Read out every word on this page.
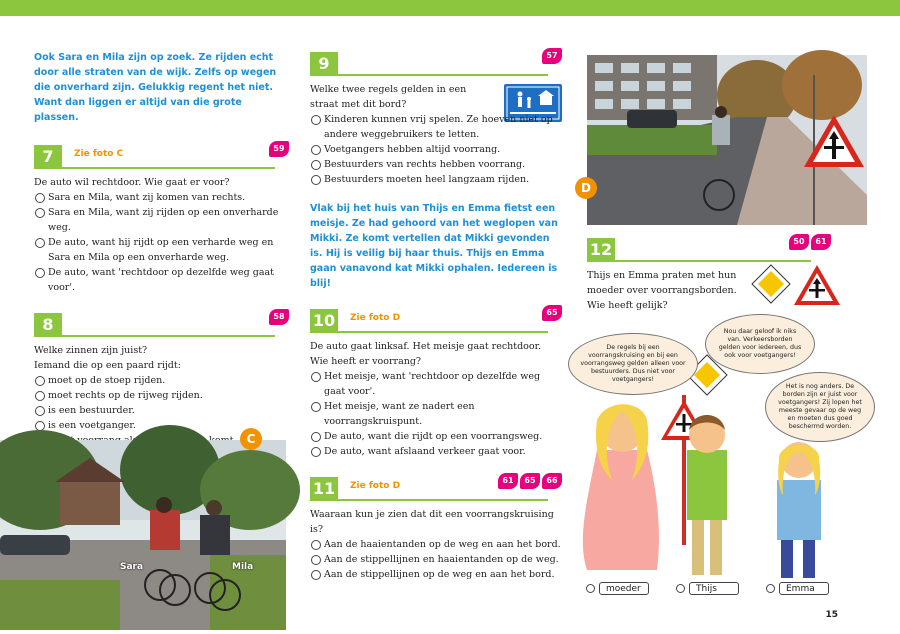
Ook Sara en Mila zijn op zoek. Ze rijden echt door alle straten van de wijk. Zelfs op wegen die onverhard zijn. Gelukkig regent het niet. Want dan liggen er altijd van die grote plassen.

7	Zie foto C
59

De auto wil rechtdoor. Wie gaat er voor?

Sara en Mila, want zij komen van rechts.
Sara en Mila, want zij rijden op een onverharde weg.
De auto, want hij rijdt op een verharde weg en Sara en Mila op een onverharde weg.
De auto, want 'rechtdoor op dezelfde weg gaat voor'.
8	58

Welke zinnen zijn juist?

Iemand die op een paard rijdt:

moet op de stoep rijden.
moet rechts op de rijweg rijden.
is een bestuurder.
is een voetganger.
Sara	Mila
C
9	57

Welke twee regels gelden in een straat met dit bord?

Kinderen kunnen vrij spelen. Ze hoeven niet op andere weggebruikers te letten.
Voetgangers hebben altijd voorrang.
Bestuurders van rechts hebben voorrang.
Bestuurders moeten heel langzaam rijden.

Vlak bij het huis van Thijs en Emma fietst een meisje. Ze had gehoord van het weglopen van Mikki. Ze komt vertellen dat Mikki gevonden is. Hij is veilig bij haar thuis. Thijs en Emma gaan vanavond kat Mikki ophalen. Iedereen is blij!

10	Zie foto D
65

De auto gaat linksaf. Het meisje gaat rechtdoor. Wie heeft er voorrang?

Het meisje, want 'rechtdoor op dezelfde weg gaat voor'.
Het meisje, want ze nadert een voorrangskruispunt.
De auto, want die rijdt op een voorrangsweg.
De auto, want afslaand verkeer gaat voor.
11	Zie foto D
61	65	66

Waaraan kun je zien dat dit een voorrangskruising is?

Aan de haaientanden op de weg en aan het bord.
Aan de stippellijnen en haaientanden op de weg.
Aan de stippellijnen op de weg en aan het bord.
D
12	50	61

Thijs en Emma praten met hun moeder over voorrangsborden. Wie heeft gelijk?

De regels bij een voorrangskruising en bij een voorrangsweg gelden alleen voor bestuurders. Dus niet voor voetgangers!
Nou daar geloof ik niks van. Verkeersborden gelden voor iedereen, dus ook voor voetgangers!
Het is nog anders. De borden zijn er juist voor voetgangers! Zij lopen het meeste gevaar op de weg en moeten dus goed beschermd worden.
moeder	Thijs	Emma
15
